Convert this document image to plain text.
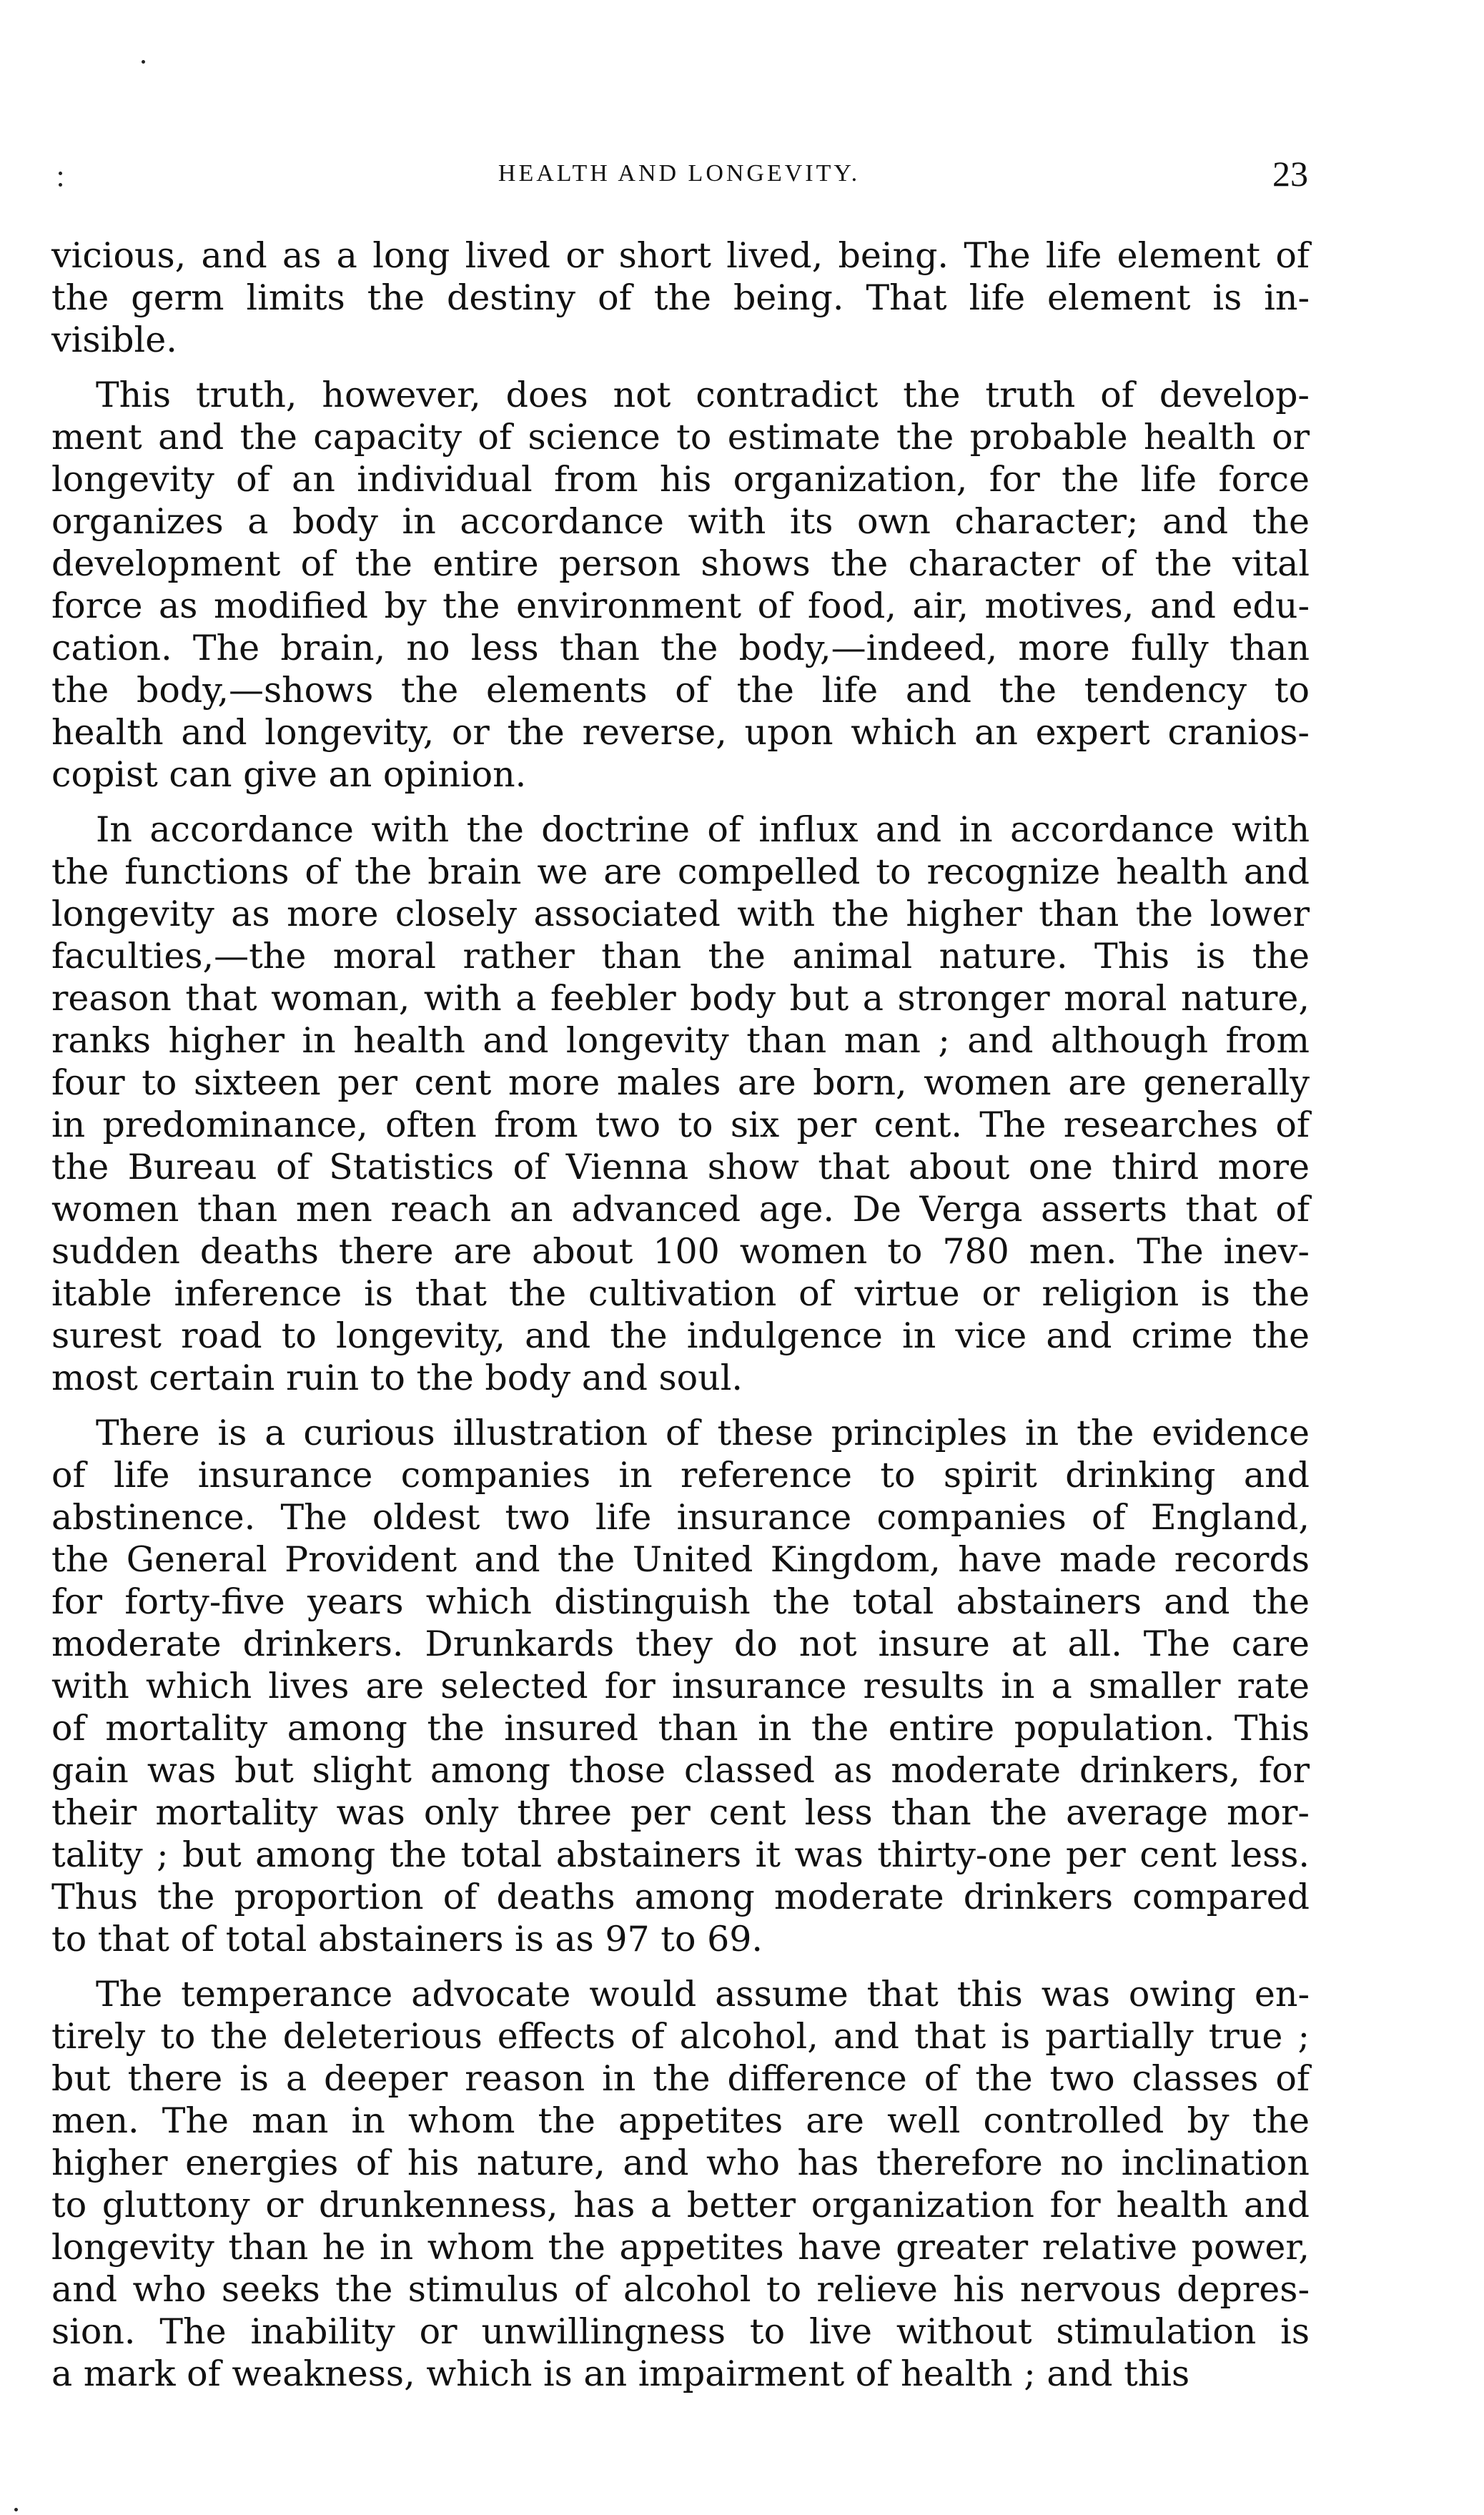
HEALTH AND LONGEVITY.	23
vicious, and as a long lived or short lived, being. The life element of
the germ limits the destiny of the being. That life element is in-
visible.
This truth, however, does not contradict the truth of develop-
ment and the capacity of science to estimate the probable health or
longevity of an individual from his organization, for the life force
organizes a body in accordance with its own character; and the
development of the entire person shows the character of the vital
force as modified by the environment of food, air, motives, and edu-
cation. The brain, no less than the body,—indeed, more fully than
the body,—shows the elements of the life and the tendency to
health and longevity, or the reverse, upon which an expert cranios-
copist can give an opinion.
In accordance with the doctrine of influx and in accordance with
the functions of the brain we are compelled to recognize health and
longevity as more closely associated with the higher than the lower
faculties,—the moral rather than the animal nature. This is the
reason that woman, with a feebler body but a stronger moral nature,
ranks higher in health and longevity than man ; and although from
four to sixteen per cent more males are born, women are generally
in predominance, often from two to six per cent. The researches of
the Bureau of Statistics of Vienna show that about one third more
women than men reach an advanced age. De Verga asserts that of
sudden deaths there are about 100 women to 780 men. The inev-
itable inference is that the cultivation of virtue or religion is the
surest road to longevity, and the indulgence in vice and crime the
most certain ruin to the body and soul.
There is a curious illustration of these principles in the evidence
of life insurance companies in reference to spirit drinking and
abstinence. The oldest two life insurance companies of England,
the General Provident and the United Kingdom, have made records
for forty-five years which distinguish the total abstainers and the
moderate drinkers. Drunkards they do not insure at all. The care
with which lives are selected for insurance results in a smaller rate
of mortality among the insured than in the entire population. This
gain was but slight among those classed as moderate drinkers, for
their mortality was only three per cent less than the average mor-
tality ; but among the total abstainers it was thirty-one per cent less.
Thus the proportion of deaths among moderate drinkers compared
to that of total abstainers is as 97 to 69.
The temperance advocate would assume that this was owing en-
tirely to the deleterious effects of alcohol, and that is partially true ;
but there is a deeper reason in the difference of the two classes of
men. The man in whom the appetites are well controlled by the
higher energies of his nature, and who has therefore no inclination
to gluttony or drunkenness, has a better organization for health and
longevity than he in whom the appetites have greater relative power,
and who seeks the stimulus of alcohol to relieve his nervous depres-
sion. The inability or unwillingness to live without stimulation is
a mark of weakness, which is an impairment of health ; and this
